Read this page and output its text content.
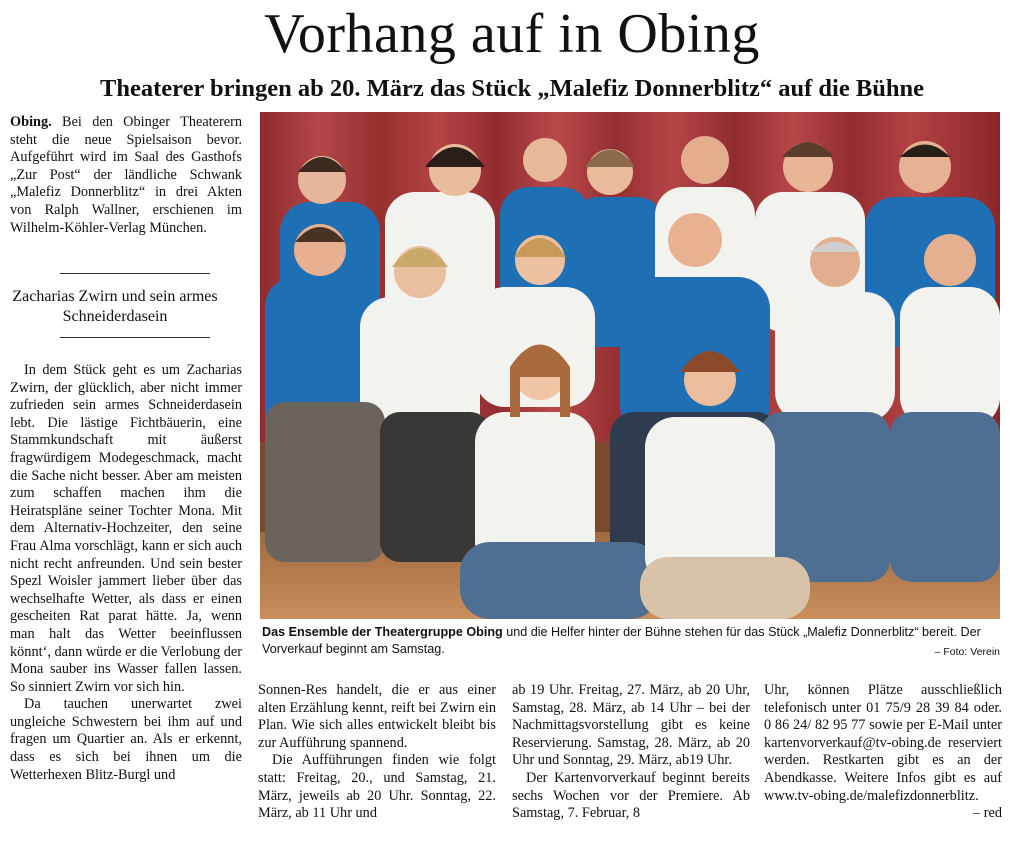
Vorhang auf in Obing
Theaterer bringen ab 20. März das Stück „Malefiz Donnerblitz“ auf die Bühne

Obing. Bei den Obinger Theaterern steht die neue Spielsaison bevor. Aufgeführt wird im Saal des Gasthofs „Zur Post“ der ländliche Schwank „Malefiz Donnerblitz“ in drei Akten von Ralph Wallner, erschienen im Wilhelm-Köhler-Verlag München.

Zacharias Zwirn und sein armes Schneiderdasein

In dem Stück geht es um Zacharias Zwirn, der glücklich, aber nicht immer zufrieden sein armes Schneiderdasein lebt. Die lästige Fichtbäuerin, eine Stammkundschaft mit äußerst fragwürdigem Modegeschmack, macht die Sache nicht besser. Aber am meisten zum schaffen machen ihm die Heiratspläne seiner Tochter Mona. Mit dem Alternativ-Hochzeiter, den seine Frau Alma vorschlägt, kann er sich auch nicht recht anfreunden. Und sein bester Spezl Woisler jammert lieber über das wechselhafte Wetter, als dass er einen gescheiten Rat parat hätte. Ja, wenn man halt das Wetter beeinflussen könnt‘, dann würde er die Verlobung der Mona sauber ins Wasser fallen lassen. So sinniert Zwirn vor sich hin.

Da tauchen unerwartet zwei ungleiche Schwestern bei ihm auf und fragen um Quartier an. Als er erkennt, dass es sich bei ihnen um die Wetterhexen Blitz-Burgl und

Das Ensemble der Theatergruppe Obing und die Helfer hinter der Bühne stehen für das Stück „Malefiz Donnerblitz“ bereit. Der Vorverkauf beginnt am Samstag.	– Foto: Verein

Sonnen-Res handelt, die er aus einer alten Erzählung kennt, reift bei Zwirn ein Plan. Wie sich alles entwickelt bleibt bis zur Aufführung spannend.

Die Aufführungen finden wie folgt statt: Freitag, 20., und Samstag, 21. März, jeweils ab 20 Uhr. Sonntag, 22. März, ab 11 Uhr und

ab 19 Uhr. Freitag, 27. März, ab 20 Uhr, Samstag, 28. März, ab 14 Uhr – bei der Nachmittagsvorstellung gibt es keine Reservierung. Samstag, 28. März, ab 20 Uhr und Sonntag, 29. März, ab19 Uhr.

Der Kartenvorverkauf beginnt bereits sechs Wochen vor der Premiere. Ab Samstag, 7. Februar, 8

Uhr, können Plätze ausschließlich telefonisch unter 01 75/9 28 39 84 oder. 0 86 24/ 82 95 77 sowie per E-Mail unter kartenvorverkauf@tv-obing.de reserviert werden. Restkarten gibt es an der Abendkasse. Weitere Infos gibt es auf www.tv-obing.de/malefizdonnerblitz.

– red
